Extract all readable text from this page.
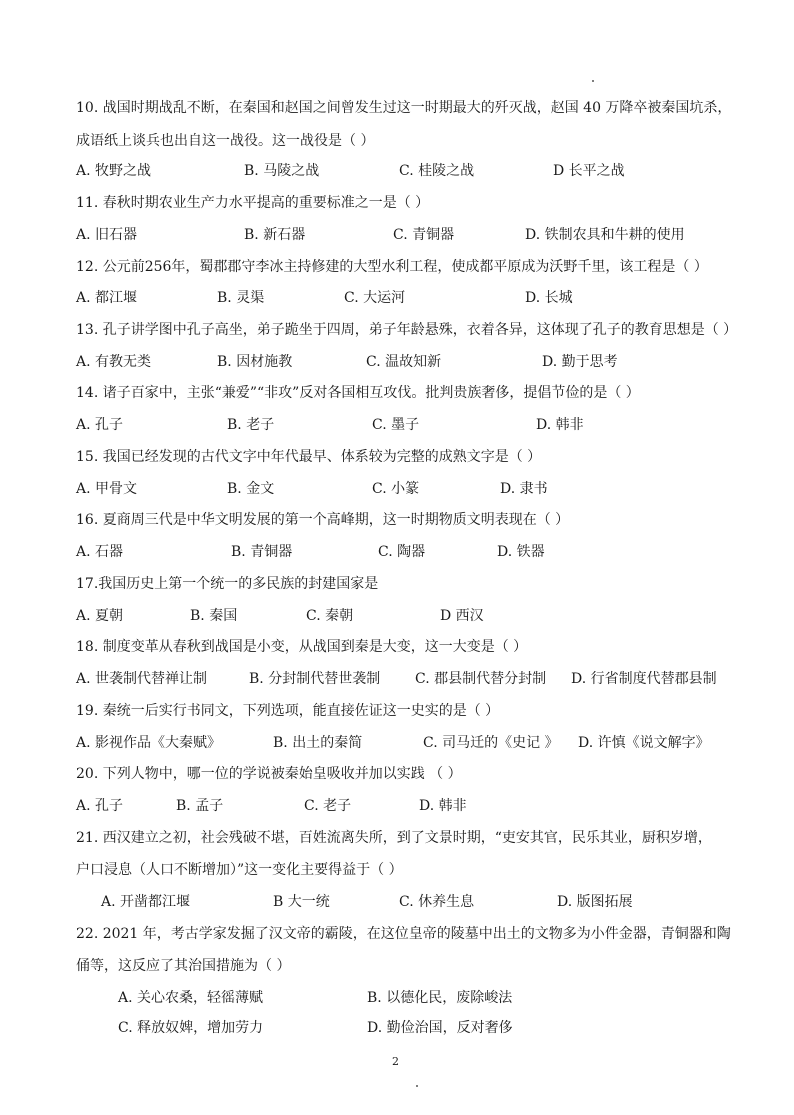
10. 战国时期战乱不断，在秦国和赵国之间曾发生过这一时期最大的歼灭战，赵国 40 万降卒被秦国坑杀，
成语纸上谈兵也出自这一战役。这一战役是（ ）
A. 牧野之战	B. 马陵之战	C. 桂陵之战	D 长平之战
11. 春秋时期农业生产力水平提高的重要标准之一是（ ）
A. 旧石器	B. 新石器	C. 青铜器	D. 铁制农具和牛耕的使用
12. 公元前256年，蜀郡郡守李冰主持修建的大型水利工程，使成都平原成为沃野千里，该工程是（ ）
A. 都江堰	B. 灵渠	C. 大运河	D. 长城
13. 孔子讲学图中孔子高坐，弟子跪坐于四周，弟子年龄悬殊，衣着各异，这体现了孔子的教育思想是（ ）
A. 有教无类	B. 因材施教	C. 温故知新	D. 勤于思考
14. 诸子百家中，主张“兼爱”“非攻”反对各国相互攻伐。批判贵族奢侈，提倡节俭的是（ ）
A. 孔子	B. 老子	C. 墨子	D. 韩非
15. 我国已经发现的古代文字中年代最早、体系较为完整的成熟文字是（ ）
A. 甲骨文	B. 金文	C. 小篆	D. 隶书
16. 夏商周三代是中华文明发展的第一个高峰期，这一时期物质文明表现在（ ）
A. 石器	B. 青铜器	C. 陶器	D. 铁器
17.我国历史上第一个统一的多民族的封建国家是
A. 夏朝	B. 秦国	C. 秦朝	D 西汉
18. 制度变革从春秋到战国是小变，从战国到秦是大变，这一大变是（ ）
A. 世袭制代替禅让制	B. 分封制代替世袭制 C. 郡县制代替分封制 D. 行省制度代替郡县制
19. 秦统一后实行书同文，下列选项，能直接佐证这一史实的是（ ）
A. 影视作品《大秦赋》	B. 出土的秦简	C. 司马迁的《史记 》 D. 许慎《说文解字》
20. 下列人物中，哪一位的学说被秦始皇吸收并加以实践 （ ）
A. 孔子	B. 孟子	C. 老子	D. 韩非
21. 西汉建立之初，社会残破不堪，百姓流离失所，到了文景时期，“吏安其官，民乐其业，厨积岁增，
户口浸息（人口不断增加）”这一变化主要得益于（ ）
A. 开凿都江堰	B 大一统	C. 休养生息	D. 版图拓展
22. 2021 年，考古学家发掘了汉文帝的霸陵，在这位皇帝的陵墓中出土的文物多为小件金器，青铜器和陶
俑等，这反应了其治国措施为（ ）
A. 关心农桑，轻徭薄赋	B. 以德化民，废除峻法
C. 释放奴婢，增加劳力	D. 勤俭治国，反对奢侈
2
